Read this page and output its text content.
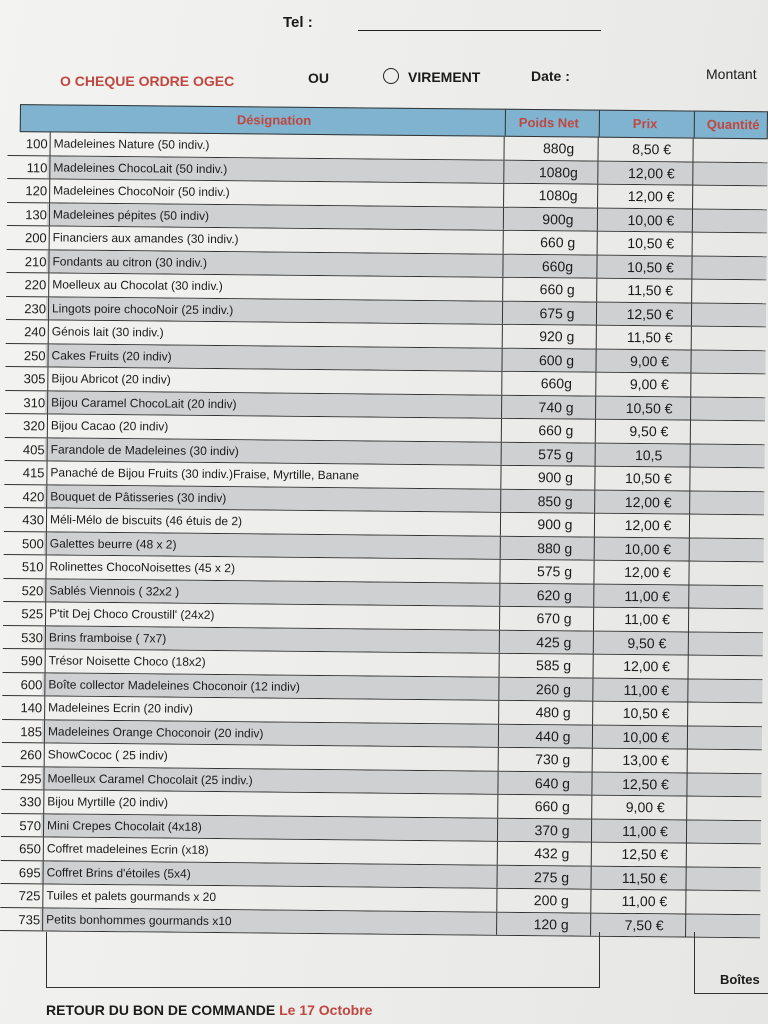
Tel :
O CHEQUE ORDRE OGEC	OU	VIREMENT	Date :	Montant
Désignation	Poids Net	Prix	Quantité
100 Madeleines Nature (50 indiv.)	880g	8,50 €
110 Madeleines ChocoLait (50 indiv.)	1080g	12,00 €
120 Madeleines ChocoNoir (50 indiv.)	1080g	12,00 €
130 Madeleines pépites (50 indiv)	900g	10,00 €
200 Financiers aux amandes (30 indiv.)	660 g	10,50 €
210 Fondants au citron (30 indiv.)	660g	10,50 €
220 Moelleux au Chocolat (30 indiv.)	660 g	11,50 €
230 Lingots poire chocoNoir (25 indiv.)	675 g	12,50 €
240 Génois lait (30 indiv.)	920 g	11,50 €
250 Cakes Fruits (20 indiv)	600 g	9,00 €
305 Bijou Abricot (20 indiv)	660g	9,00 €
310 Bijou Caramel ChocoLait (20 indiv)	740 g	10,50 €
320 Bijou Cacao (20 indiv)	660 g	9,50 €
405 Farandole de Madeleines (30 indiv)	575 g	10,5
415 Panaché de Bijou Fruits (30 indiv.)Fraise, Myrtille, Banane	900 g	10,50 €
420 Bouquet de Pâtisseries (30 indiv)	850 g	12,00 €
430 Méli-Mélo de biscuits (46 étuis de 2)	900 g	12,00 €
500 Galettes beurre (48 x 2)	880 g	10,00 €
510 Rolinettes ChocoNoisettes (45 x 2)	575 g	12,00 €
520 Sablés Viennois ( 32x2 )	620 g	11,00 €
525 P'tit Dej Choco Croustill' (24x2)	670 g	11,00 €
530 Brins framboise ( 7x7)	425 g	9,50 €
590 Trésor Noisette Choco (18x2)	585 g	12,00 €
600 Boîte collector Madeleines Choconoir (12 indiv)	260 g	11,00 €
140 Madeleines Ecrin (20 indiv)	480 g	10,50 €
185 Madeleines Orange Choconoir (20 indiv)	440 g	10,00 €
260 ShowCococ ( 25 indiv)	730 g	13,00 €
295 Moelleux Caramel Chocolait (25 indiv.)	640 g	12,50 €
330 Bijou Myrtille (20 indiv)	660 g	9,00 €
570 Mini Crepes Chocolait (4x18)	370 g	11,00 €
650 Coffret madeleines Ecrin (x18)	432 g	12,50 €
695 Coffret Brins d'étoiles (5x4)	275 g	11,50 €
725 Tuiles et palets gourmands x 20	200 g	11,00 €
735 Petits bonhommes gourmands x10	120 g	7,50 €
Boîtes
RETOUR DU BON DE COMMANDE Le 17 Octobre
